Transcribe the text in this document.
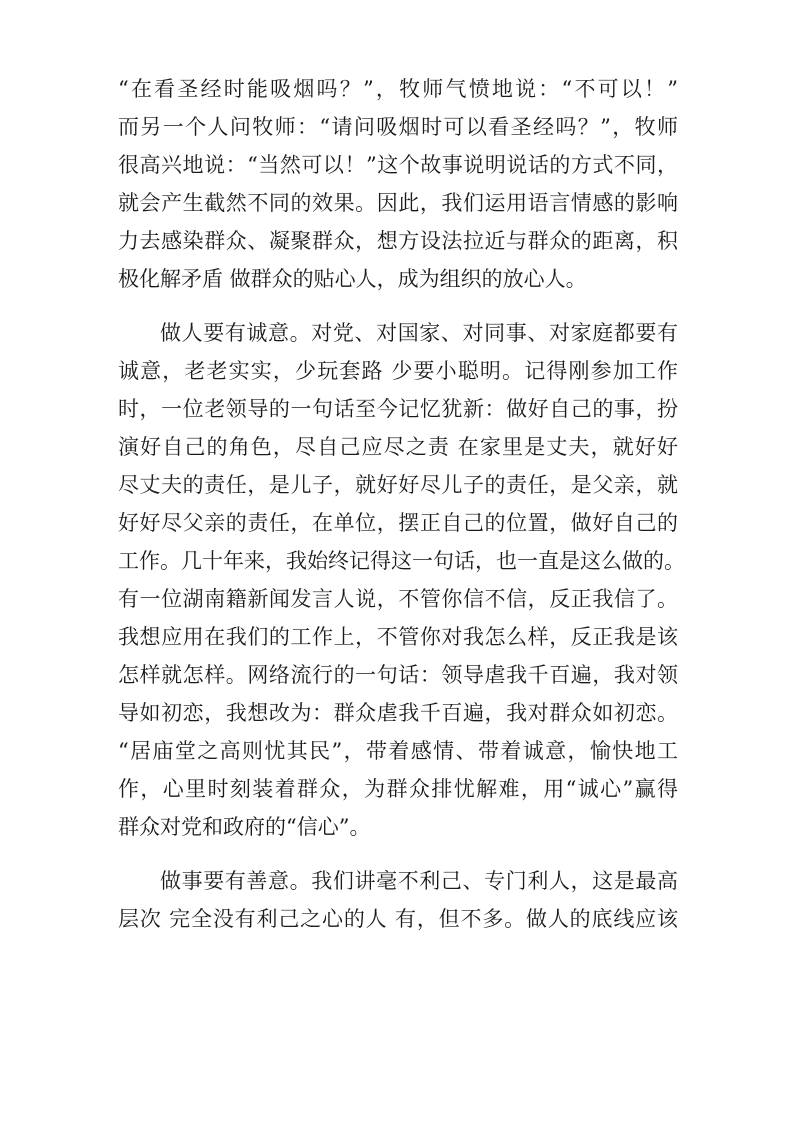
“在看圣经时能吸烟吗？”，牧师气愤地说：“不可以！”
而另一个人问牧师：“请问吸烟时可以看圣经吗？”，牧师
很高兴地说：“当然可以！”这个故事说明说话的方式不同，
就会产生截然不同的效果。因此，我们运用语言情感的影响
力去感染群众、凝聚群众，想方设法拉近与群众的距离，积
极化解矛盾 做群众的贴心人，成为组织的放心人。
做人要有诚意。对党、对国家、对同事、对家庭都要有
诚意，老老实实，少玩套路 少要小聪明。记得刚参加工作
时，一位老领导的一句话至今记忆犹新：做好自己的事，扮
演好自己的角色，尽自己应尽之责 在家里是丈夫，就好好
尽丈夫的责任，是儿子，就好好尽儿子的责任，是父亲，就
好好尽父亲的责任，在单位，摆正自己的位置，做好自己的
工作。几十年来，我始终记得这一句话，也一直是这么做的。
有一位湖南籍新闻发言人说，不管你信不信，反正我信了。
我想应用在我们的工作上，不管你对我怎么样，反正我是该
怎样就怎样。网络流行的一句话：领导虐我千百遍，我对领
导如初恋，我想改为：群众虐我千百遍，我对群众如初恋。
“居庙堂之高则忧其民”，带着感情、带着诚意，愉快地工
作，心里时刻装着群众，为群众排忧解难，用“诚心”赢得
群众对党和政府的“信心”。
做事要有善意。我们讲毫不利己、专门利人，这是最高
层次 完全没有利己之心的人 有，但不多。做人的底线应该
